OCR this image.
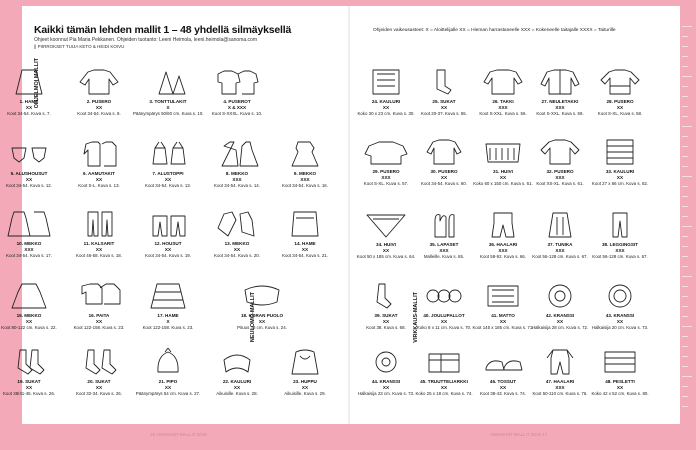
Kaikki tämän lehden mallit 1 – 48 yhdellä silmäyksellä
Ohjeet koonnut Pia Maria Pekkanen. Ohjeiden tuotanto: Leeni Heimola, leeni.heimola@sanoma.com
|| PIIRROKSET TUIJA KETO & HEIDI KOIVU
Ohjeiden vaikeusasteet: X = Aloittelijalle XX = Hieman harrastaneelle XXX = Kokeneelle taitajalle XXXX = Taiturille
OHJELMOI MALLIT
NEULOMO-MALLIT	VIRKKAUS-MALLIT
1. HAME
XX
Koot 34-54. Kuva s. 7.
2. PUSERO
XX
Koot 34-54. Kuva s. 8.
3. TONTTULAKIT
X
Päänympärys 50/60 cm. Kuva s. 10.
4. PUSEROT
X & XXX
Koot S-XXXL. Kuva s. 10.
5. ALUSHOUSUT
XX
Koot 34-54. Kuva s. 12.
6. AAMUTAKIT
XX
Koot S-L. Kuva s. 13.
7. ALUSTOPPI
XX
Koot 34-54. Kuva s. 13.
8. MEKKO
XXX
Koot 34-54. Kuva s. 14.
9. MEKKO
XXX
Koot 34-54. Kuva s. 16.
10. MEKKO
XXX
Koot 34-54. Kuva s. 17.
11. KALSARIT
XX
Koot 46-58. Kuva s. 18.
12. HOUSUT
XX
Koot 34-54. Kuva s. 19.
13. MEKKO
XX
Koot 34-54. Kuva s. 20.
14. HAME
XX
Koot 34-54. Kuva s. 21.
15. MEKKO
XX
Koot 80-122 cm. Kuva s. 22.
16. PAITA
XX
Koot 122-158. Kuva s. 23.
17. HAME
X
Koot 122-158. Kuva s. 23.
18. KORAN PUOLO
XX
Pituus 38 cm. Kuva s. 24.
19. SUKAT
XX
Koot 38/41-45. Kuva s. 26.
20. SUKAT
XX
Koot 32-34. Kuva s. 26.
21. PIPO
XX
Päänympärys 54 cm. Kuva s. 27.
22. KAULURI
XX
Aikuisille. Kuva s. 28.
23. HUPPU
XX
Aikuisille. Kuva s. 29.
24. KAULURI
XX
Koko 30 x 23 cm. Kuva s. 30.
25. SUKAT
XX
Koot 20-37. Kuva s. 55.
26. TAKKI
XXX
Koot S-XXL. Kuva s. 56.
27. NEULETAKKI
XXX
Koot S-XXL. Kuva s. 59.
28. PUSERO
XX
Koot S-XL. Kuva s. 58.
29. PUSERO
XXX
Koot S-XL. Kuva s. 57.
30. PUSERO
XX
Koot 34-54. Kuva s. 60.
31. HUIVI
XX
Koko 60 x 150 cm. Kuva s. 61.
32. PUSERO
XXX
Koot XS-XL. Kuva s. 61.
33. KAULURI
XX
Koot 27 x 66 cm. Kuva s. 62.
34. HUIVI
XX
Koot 50 x 185 cm. Kuva s. 64.
35. LAPASET
XXX
Malleille. Kuva s. 65.
36. HAALARI
XXX
Koot 58-92. Kuva s. 66.
37. TUNIKA
XXX
Koot 56-128 cm. Kuva s. 67.
38. LEGGINGSIT
XXX
Koot 56-128 cm. Kuva s. 67.
39. SUKAT
XX
Koot 38. Kuva s. 68.
40. JOULUPALLOT
XX
Koko 8 x 11 cm. Kuva s. 70.
41. MATTO
XX
Koot 145 x 185 cm. Kuva s. 71.
42. KRANSSI
XX
Halkaisija 28 cm. Kuva s. 72.
43. KRANSSI
XX
Halkaisija 20 cm. Kuva s. 73.
44. KRANSSI
XX
Halkaisija 23 cm. Kuva s. 73.
45. TRUUTTELIARKKI
XX
Koko 25 x 18 cm. Kuva s. 74.
46. TOSSUT
XX
Koot 38-43. Kuva s. 74.
47. HAALARI
XXX
Koot 50-110 cm. Kuva s. 76.
48. PESLETTI
XX
Koko 42 x 52 cm. Kuva s. 80.
16 ANNAKNIT MALLIT 2019	ANNAKNIT MALLIT 2019 17
